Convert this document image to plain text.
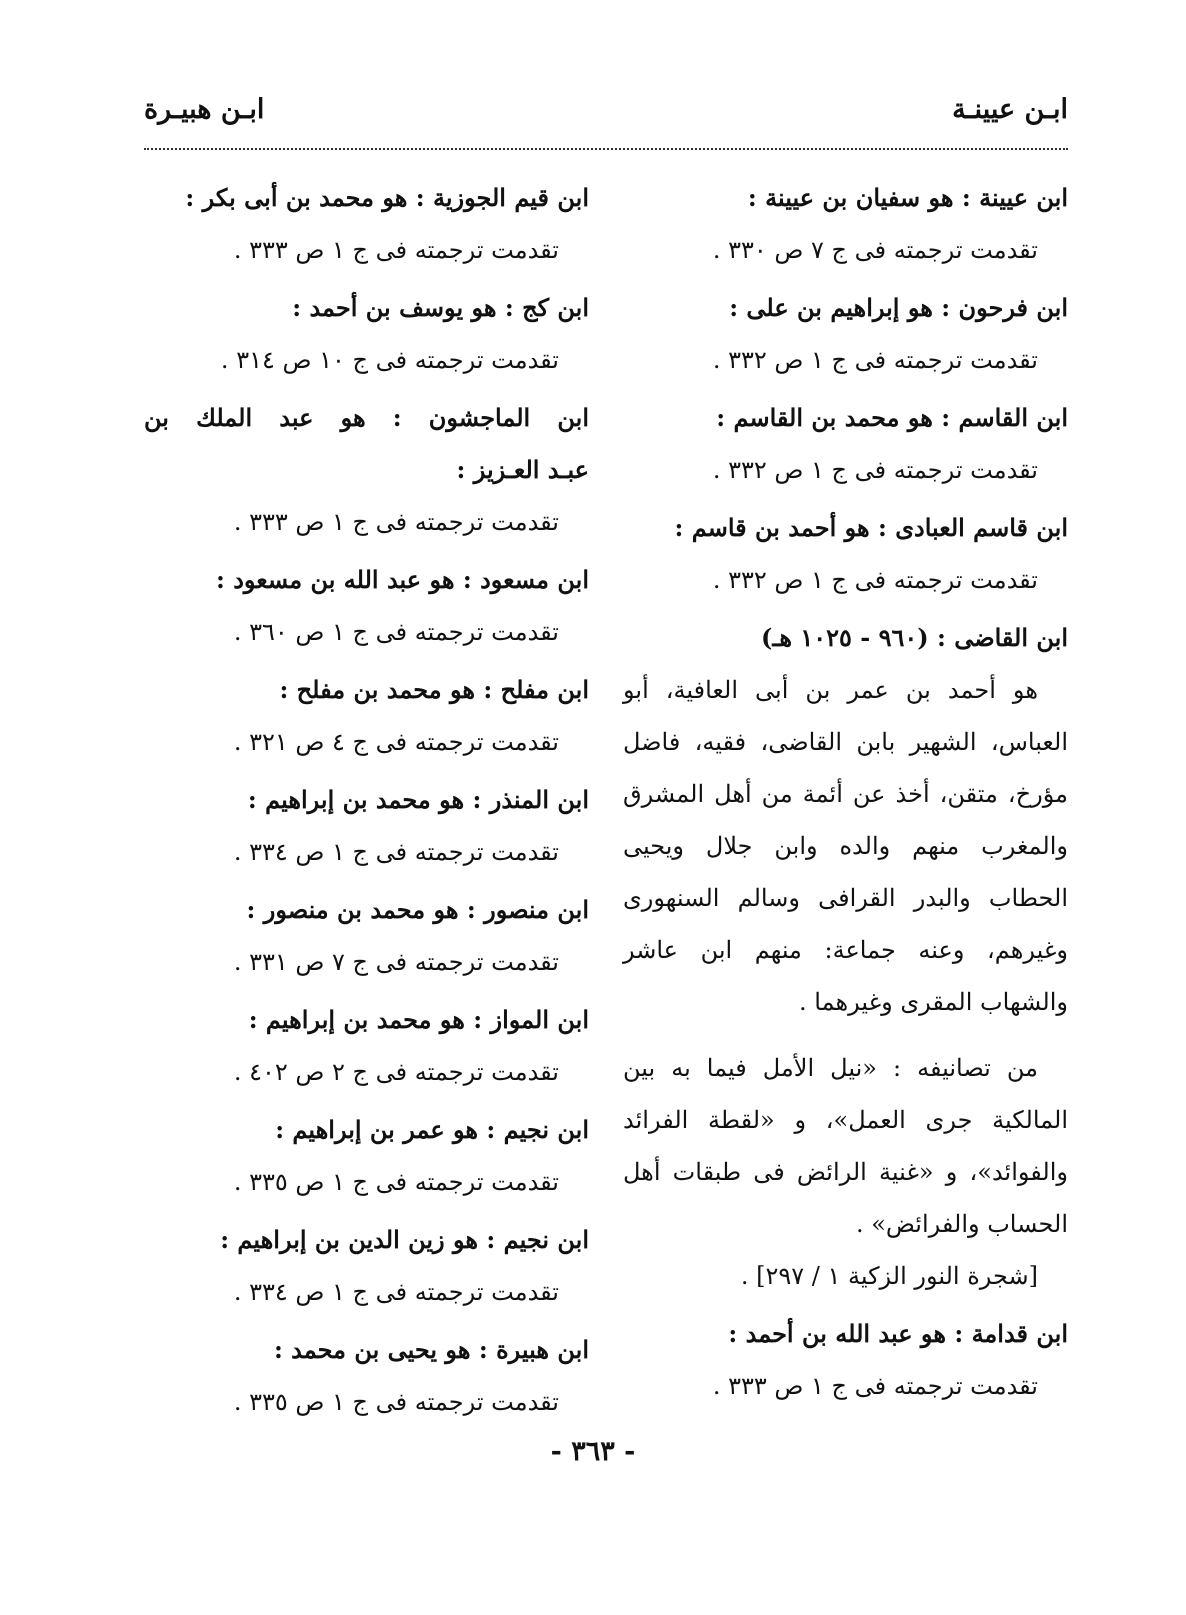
ابـن عيينـة
ابـن هبيـرة
ابن عيينة : هو سفيان بن عيينة :
تقدمت ترجمته فى ج ٧ ص ٣٣٠ .
ابن فرحون : هو إبراهيم بن على :
تقدمت ترجمته فى ج ١ ص ٣٣٢ .
ابن القاسم : هو محمد بن القاسم :
تقدمت ترجمته فى ج ١ ص ٣٣٢ .
ابن قاسم العبادى : هو أحمد بن قاسم :
تقدمت ترجمته فى ج ١ ص ٣٣٢ .
ابن القاضى : (٩٦٠ - ١٠٢٥ هـ)

هو أحمد بن عمر بن أبى العافية، أبو العباس، الشهير بابن القاضى، فقيه، فاضل مؤرخ، متقن، أخذ عن أئمة من أهل المشرق والمغرب منهم والده وابن جلال ويحيى الحطاب والبدر القرافى وسالم السنهورى وغيرهم، وعنه جماعة: منهم ابن عاشر والشهاب المقرى وغيرهما .

من تصانيفه : «نيل الأمل فيما به بين المالكية جرى العمل»، و «لقطة الفرائد والفوائد»، و «غنية الرائض فى طبقات أهل الحساب والفرائض» .

[شجرة النور الزكية ١ / ٢٩٧] .
ابن قدامة : هو عبد الله بن أحمد :
تقدمت ترجمته فى ج ١ ص ٣٣٣ .
ابن قيم الجوزية : هو محمد بن أبى بكر :
تقدمت ترجمته فى ج ١ ص ٣٣٣ .
ابن كج : هو يوسف بن أحمد :
تقدمت ترجمته فى ج ١٠ ص ٣١٤ .
ابن الماجشون : هو عبد الملك بن
عبـد العـزيز :
تقدمت ترجمته فى ج ١ ص ٣٣٣ .
ابن مسعود : هو عبد الله بن مسعود :
تقدمت ترجمته فى ج ١ ص ٣٦٠ .
ابن مفلح : هو محمد بن مفلح :
تقدمت ترجمته فى ج ٤ ص ٣٢١ .
ابن المنذر : هو محمد بن إبراهيم :
تقدمت ترجمته فى ج ١ ص ٣٣٤ .
ابن منصور : هو محمد بن منصور :
تقدمت ترجمته فى ج ٧ ص ٣٣١ .
ابن المواز : هو محمد بن إبراهيم :
تقدمت ترجمته فى ج ٢ ص ٤٠٢ .
ابن نجيم : هو عمر بن إبراهيم :
تقدمت ترجمته فى ج ١ ص ٣٣٥ .
ابن نجيم : هو زين الدين بن إبراهيم :
تقدمت ترجمته فى ج ١ ص ٣٣٤ .
ابن هبيرة : هو يحيى بن محمد :
تقدمت ترجمته فى ج ١ ص ٣٣٥ .
- ٣٦٣ -
